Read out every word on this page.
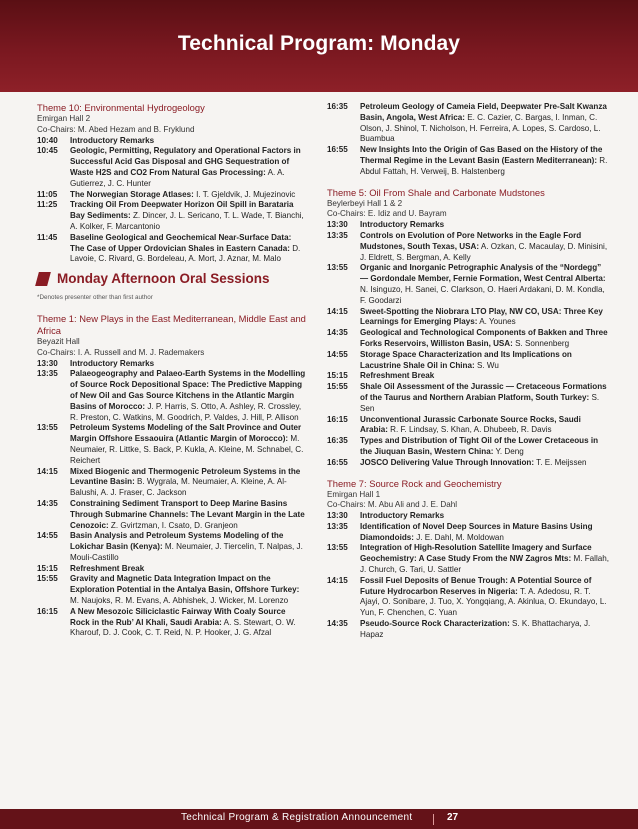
Technical Program: Monday
Theme 10: Environmental Hydrogeology
Emirgan Hall 2
Co-Chairs: M. Abed Hezam and B. Fryklund
10:40	Introductory Remarks
10:45	Geologic, Permitting, Regulatory and Operational Factors in Successful Acid Gas Disposal and GHG Sequestration of Waste H2S and CO2 From Natural Gas Processing: A. A. Gutierrez, J. C. Hunter
11:05	The Norwegian Storage Atlases: I. T. Gjeldvik, J. Mujezinovic
11:25	Tracking Oil From Deepwater Horizon Oil Spill in Barataria Bay Sediments: Z. Dincer, J. L. Sericano, T. L. Wade, T. Bianchi, A. Kolker, F. Marcantonio
11:45	Baseline Geological and Geochemical Near-Surface Data: The Case of Upper Ordovician Shales in Eastern Canada: D. Lavoie, C. Rivard, G. Bordeleau, A. Mort, J. Aznar, M. Malo
Monday Afternoon Oral Sessions
*Denotes presenter other than first author
Theme 1: New Plays in the East Mediterranean, Middle East and Africa
Beyazit Hall
Co-Chairs: I. A. Russell and M. J. Rademakers
13:30	Introductory Remarks
13:35	Palaeogeography and Palaeo-Earth Systems in the Modelling of Source Rock Depositional Space: The Predictive Mapping of New Oil and Gas Source Kitchens in the Atlantic Margin Basins of Morocco: J. P. Harris, S. Otto, A. Ashley, R. Crossley, R. Preston, C. Watkins, M. Goodrich, P. Valdes, J. Hill, P. Allison
13:55	Petroleum Systems Modeling of the Salt Province and Outer Margin Offshore Essaouira (Atlantic Margin of Morocco): M. Neumaier, R. Littke, S. Back, P. Kukla, A. Kleine, M. Schnabel, C. Reichert
14:15	Mixed Biogenic and Thermogenic Petroleum Systems in the Levantine Basin: B. Wygrala, M. Neumaier, A. Kleine, A. Al-Balushi, A. J. Fraser, C. Jackson
14:35	Constraining Sediment Transport to Deep Marine Basins Through Submarine Channels: The Levant Margin in the Late Cenozoic: Z. Gvirtzman, I. Csato, D. Granjeon
14:55	Basin Analysis and Petroleum Systems Modeling of the Lokichar Basin (Kenya): M. Neumaier, J. Tiercelin, T. Nalpas, J. Mouli-Castillo
15:15	Refreshment Break
15:55	Gravity and Magnetic Data Integration Impact on the Exploration Potential in the Antalya Basin, Offshore Turkey: M. Naujoks, R. M. Evans, A. Abhishek, J. Wicker, M. Lorenzo
16:15	A New Mesozoic Siliciclastic Fairway With Coaly Source Rock in the Rub’ Al Khali, Saudi Arabia: A. S. Stewart, O. W. Kharouf, D. J. Cook, C. T. Reid, N. P. Hooker, J. G. Afzal
16:35	Petroleum Geology of Cameia Field, Deepwater Pre-Salt Kwanza Basin, Angola, West Africa: E. C. Cazier, C. Bargas, I. Inman, C. Olson, J. Shinol, T. Nicholson, H. Ferreira, A. Lopes, S. Cardoso, L. Buambua
16:55	New Insights Into the Origin of Gas Based on the History of the Thermal Regime in the Levant Basin (Eastern Mediterranean): R. Abdul Fattah, H. Verweij, B. Halstenberg
Theme 5: Oil From Shale and Carbonate Mudstones
Beylerbeyi Hall 1 & 2
Co-Chairs: E. Idiz and U. Bayram
13:30	Introductory Remarks
13:35	Controls on Evolution of Pore Networks in the Eagle Ford Mudstones, South Texas, USA: A. Ozkan, C. Macaulay, D. Minisini, J. Eldrett, S. Bergman, A. Kelly
13:55	Organic and Inorganic Petrographic Analysis of the “Nordegg” — Gordondale Member, Fernie Formation, West Central Alberta: N. Isinguzo, H. Sanei, C. Clarkson, O. Haeri Ardakani, D. M. Kondla, F. Goodarzi
14:15	Sweet-Spotting the Niobrara LTO Play, NW CO, USA: Three Key Learnings for Emerging Plays: A. Younes
14:35	Geological and Technological Components of Bakken and Three Forks Reservoirs, Williston Basin, USA: S. Sonnenberg
14:55	Storage Space Characterization and Its Implications on Lacustrine Shale Oil in China: S. Wu
15:15	Refreshment Break
15:55	Shale Oil Assessment of the Jurassic — Cretaceous Formations of the Taurus and Northern Arabian Platform, South Turkey: S. Sen
16:15	Unconventional Jurassic Carbonate Source Rocks, Saudi Arabia: R. F. Lindsay, S. Khan, A. Dhubeeb, R. Davis
16:35	Types and Distribution of Tight Oil of the Lower Cretaceous in the Jiuquan Basin, Western China: Y. Deng
16:55	JOSCO Delivering Value Through Innovation: T. E. Meijssen
Theme 7: Source Rock and Geochemistry
Emirgan Hall 1
Co-Chairs: M. Abu Ali and J. E. Dahl
13:30	Introductory Remarks
13:35	Identification of Novel Deep Sources in Mature Basins Using Diamondoids: J. E. Dahl, M. Moldowan
13:55	Integration of High-Resolution Satellite Imagery and Surface Geochemistry: A Case Study From the NW Zagros Mts: M. Fallah, J. Church, G. Tari, U. Sattler
14:15	Fossil Fuel Deposits of Benue Trough: A Potential Source of Future Hydrocarbon Reserves in Nigeria: T. A. Adedosu, R. T. Ajayi, O. Sonibare, J. Tuo, X. Yongqiang, A. Akinlua, O. Ekundayo, L. Yun, F. Chenchen, C. Yuan
14:35	Pseudo-Source Rock Characterization: S. K. Bhattacharya, J. Hapaz
Technical Program & Registration Announcement	27
